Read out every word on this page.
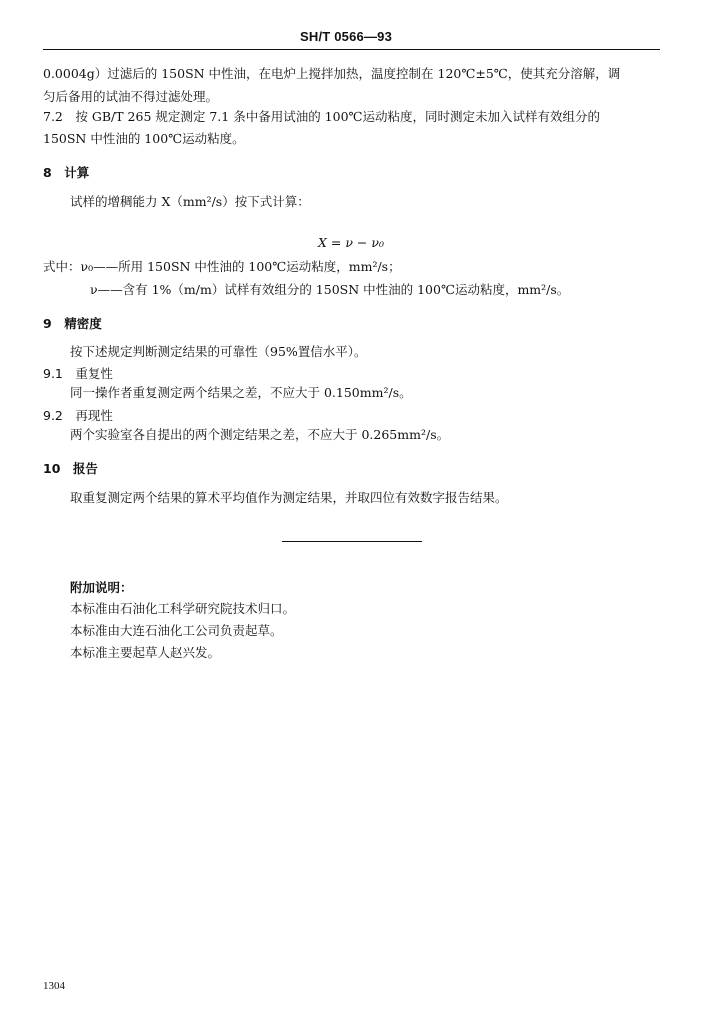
SH/T 0566—93
0.0004g）过滤后的 150SN 中性油，在电炉上搅拌加热，温度控制在 120℃±5℃，使其充分溶解，调
匀后备用的试油不得过滤处理。
7.2　按 GB/T 265 规定测定 7.1 条中备用试油的 100℃运动粘度，同时测定未加入试样有效组分的
150SN 中性油的 100℃运动粘度。
8　计算
试样的增稠能力 X（mm²/s）按下式计算：
X = ν − ν₀
式中：ν₀——所用 150SN 中性油的 100℃运动粘度，mm²/s；
ν——含有 1%（m/m）试样有效组分的 150SN 中性油的 100℃运动粘度，mm²/s。
9　精密度
按下述规定判断测定结果的可靠性（95%置信水平）。
9.1　重复性
同一操作者重复测定两个结果之差，不应大于 0.150mm²/s。
9.2　再现性
两个实验室各自提出的两个测定结果之差，不应大于 0.265mm²/s。
10　报告
取重复测定两个结果的算术平均值作为测定结果，并取四位有效数字报告结果。
附加说明：
本标准由石油化工科学研究院技术归口。
本标准由大连石油化工公司负责起草。
本标准主要起草人赵兴发。
1304
